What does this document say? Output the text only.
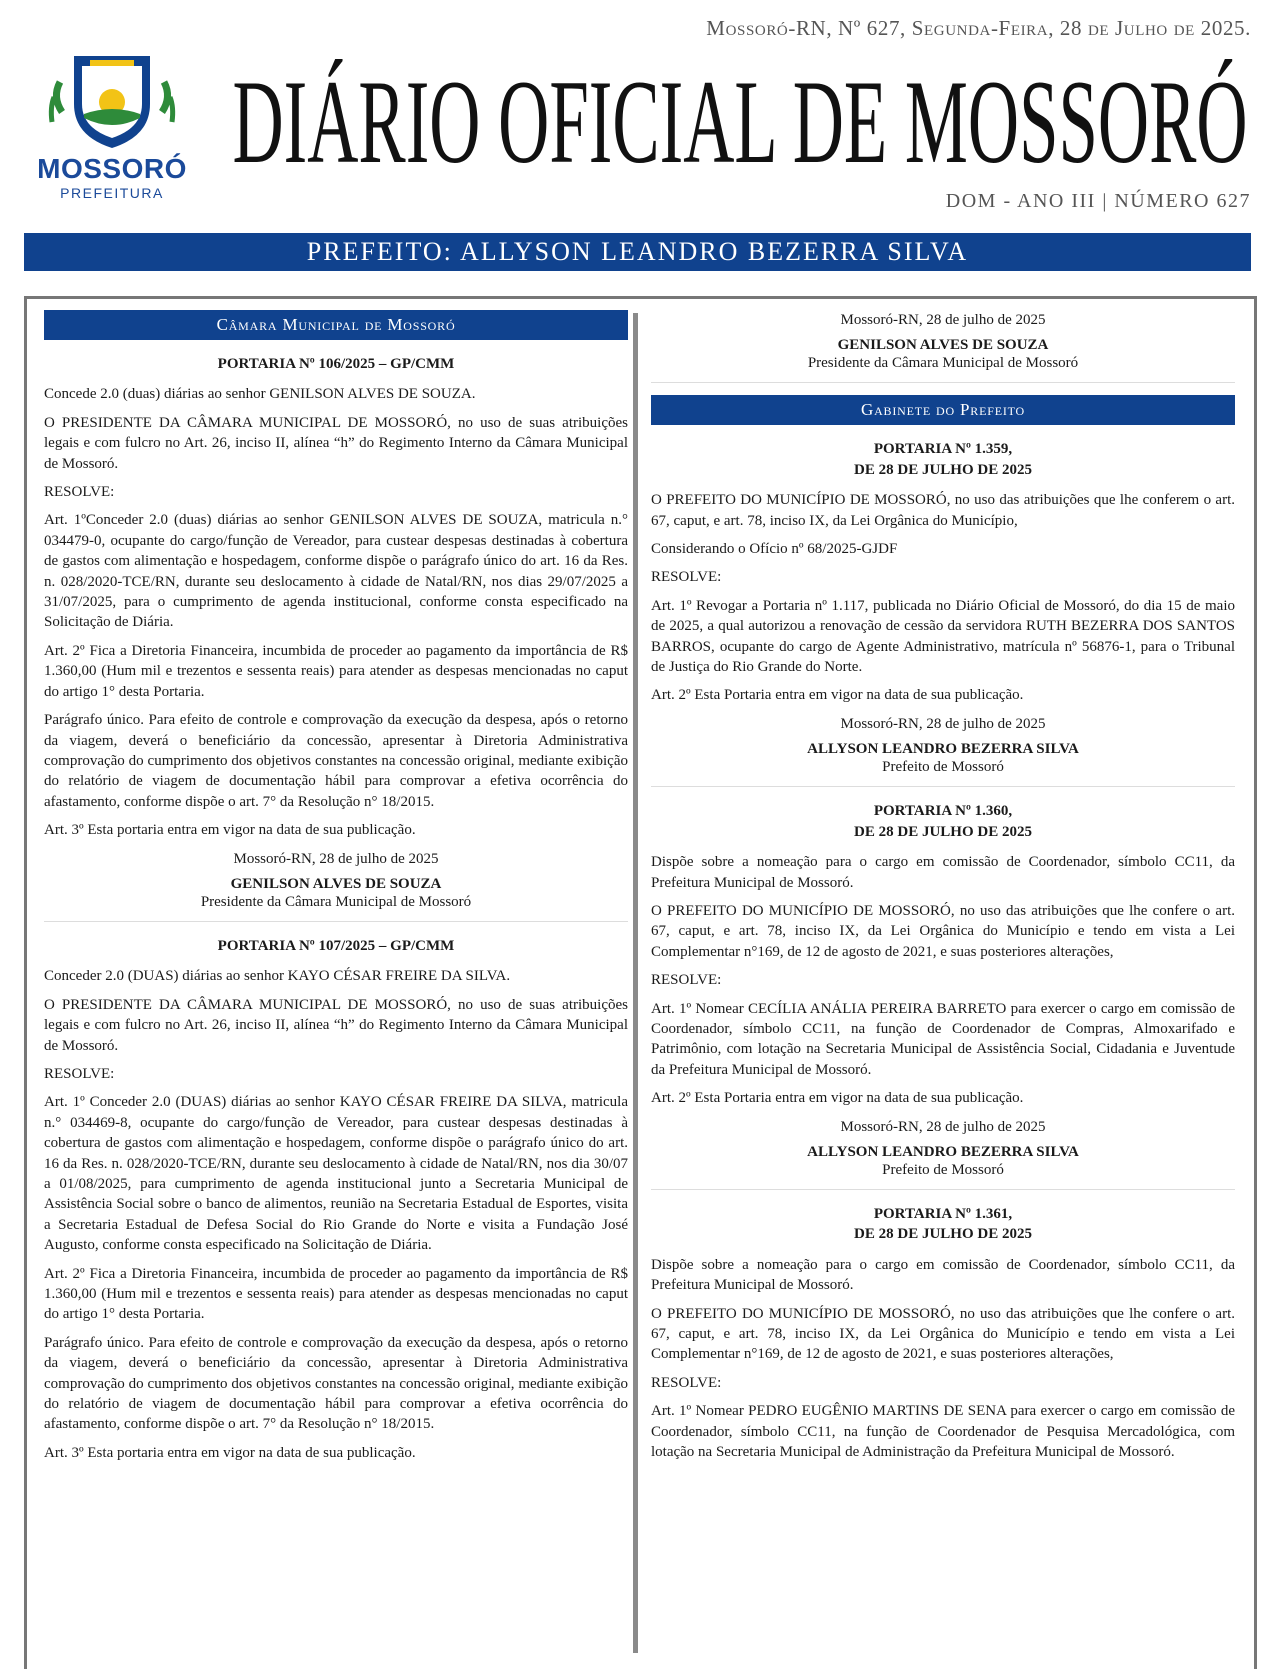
Mossoró-RN, Nº 627, Segunda-Feira, 28 de Julho de 2025.
MOSSORÓ
PREFEITURA
DIÁRIO OFICIAL DE MOSSORÓ
DOM - ANO III | NÚMERO 627
PREFEITO: ALLYSON LEANDRO BEZERRA SILVA
Câmara Municipal de Mossoró
PORTARIA Nº 106/2025 – GP/CMM

Concede 2.0 (duas) diárias ao senhor GENILSON ALVES DE SOUZA.

O PRESIDENTE DA CÂMARA MUNICIPAL DE MOSSORÓ, no uso de suas atribuições legais e com fulcro no Art. 26, inciso II, alínea “h” do Regimento Interno da Câmara Municipal de Mossoró.

RESOLVE:

Art. 1ºConceder 2.0 (duas) diárias ao senhor GENILSON ALVES DE SOUZA, matricula n.° 034479-0, ocupante do cargo/função de Vereador, para custear despesas destinadas à cobertura de gastos com alimentação e hospedagem, conforme dispõe o parágrafo único do art. 16 da Res. n. 028/2020-TCE/RN, durante seu deslocamento à cidade de Natal/RN, nos dias 29/07/2025 a 31/07/2025, para o cumprimento de agenda institucional, conforme consta especificado na Solicitação de Diária.

Art. 2º Fica a Diretoria Financeira, incumbida de proceder ao pagamento da importância de R$ 1.360,00 (Hum mil e trezentos e sessenta reais) para atender as despesas mencionadas no caput do artigo 1° desta Portaria.

Parágrafo único. Para efeito de controle e comprovação da execução da despesa, após o retorno da viagem, deverá o beneficiário da concessão, apresentar à Diretoria Administrativa comprovação do cumprimento dos objetivos constantes na concessão original, mediante exibição do relatório de viagem de documentação hábil para comprovar a efetiva ocorrência do afastamento, conforme dispõe o art. 7° da Resolução n° 18/2015.

Art. 3º Esta portaria entra em vigor na data de sua publicação.

Mossoró-RN, 28 de julho de 2025
GENILSON ALVES DE SOUZA
Presidente da Câmara Municipal de Mossoró
PORTARIA Nº 107/2025 – GP/CMM

Conceder 2.0 (DUAS) diárias ao senhor KAYO CÉSAR FREIRE DA SILVA.

O PRESIDENTE DA CÂMARA MUNICIPAL DE MOSSORÓ, no uso de suas atribuições legais e com fulcro no Art. 26, inciso II, alínea “h” do Regimento Interno da Câmara Municipal de Mossoró.

RESOLVE:

Art. 1º Conceder 2.0 (DUAS) diárias ao senhor KAYO CÉSAR FREIRE DA SILVA, matricula n.° 034469-8, ocupante do cargo/função de Vereador, para custear despesas destinadas à cobertura de gastos com alimentação e hospedagem, conforme dispõe o parágrafo único do art. 16 da Res. n. 028/2020-TCE/RN, durante seu deslocamento à cidade de Natal/RN, nos dia 30/07 a 01/08/2025, para cumprimento de agenda institucional junto a Secretaria Municipal de Assistência Social sobre o banco de alimentos, reunião na Secretaria Estadual de Esportes, visita a Secretaria Estadual de Defesa Social do Rio Grande do Norte e visita a Fundação José Augusto, conforme consta especificado na Solicitação de Diária.

Art. 2º Fica a Diretoria Financeira, incumbida de proceder ao pagamento da importância de R$ 1.360,00 (Hum mil e trezentos e sessenta reais) para atender as despesas mencionadas no caput do artigo 1° desta Portaria.

Parágrafo único. Para efeito de controle e comprovação da execução da despesa, após o retorno da viagem, deverá o beneficiário da concessão, apresentar à Diretoria Administrativa comprovação do cumprimento dos objetivos constantes na concessão original, mediante exibição do relatório de viagem de documentação hábil para comprovar a efetiva ocorrência do afastamento, conforme dispõe o art. 7° da Resolução n° 18/2015.

Art. 3º Esta portaria entra em vigor na data de sua publicação.

Mossoró-RN, 28 de julho de 2025
GENILSON ALVES DE SOUZA
Presidente da Câmara Municipal de Mossoró
Gabinete do Prefeito
PORTARIA Nº 1.359,
DE 28 DE JULHO DE 2025

O PREFEITO DO MUNICÍPIO DE MOSSORÓ, no uso das atribuições que lhe conferem o art. 67, caput, e art. 78, inciso IX, da Lei Orgânica do Município,

Considerando o Ofício nº 68/2025-GJDF

RESOLVE:

Art. 1º Revogar a Portaria nº 1.117, publicada no Diário Oficial de Mossoró, do dia 15 de maio de 2025, a qual autorizou a renovação de cessão da servidora RUTH BEZERRA DOS SANTOS BARROS, ocupante do cargo de Agente Administrativo, matrícula nº 56876-1, para o Tribunal de Justiça do Rio Grande do Norte.

Art. 2º Esta Portaria entra em vigor na data de sua publicação.

Mossoró-RN, 28 de julho de 2025
ALLYSON LEANDRO BEZERRA SILVA
Prefeito de Mossoró
PORTARIA Nº 1.360,
DE 28 DE JULHO DE 2025

Dispõe sobre a nomeação para o cargo em comissão de Coordenador, símbolo CC11, da Prefeitura Municipal de Mossoró.

O PREFEITO DO MUNICÍPIO DE MOSSORÓ, no uso das atribuições que lhe confere o art. 67, caput, e art. 78, inciso IX, da Lei Orgânica do Município e tendo em vista a Lei Complementar n°169, de 12 de agosto de 2021, e suas posteriores alterações,

RESOLVE:

Art. 1º Nomear CECÍLIA ANÁLIA PEREIRA BARRETO para exercer o cargo em comissão de Coordenador, símbolo CC11, na função de Coordenador de Compras, Almoxarifado e Patrimônio, com lotação na Secretaria Municipal de Assistência Social, Cidadania e Juventude da Prefeitura Municipal de Mossoró.

Art. 2º Esta Portaria entra em vigor na data de sua publicação.

Mossoró-RN, 28 de julho de 2025
ALLYSON LEANDRO BEZERRA SILVA
Prefeito de Mossoró
PORTARIA Nº 1.361,
DE 28 DE JULHO DE 2025

Dispõe sobre a nomeação para o cargo em comissão de Coordenador, símbolo CC11, da Prefeitura Municipal de Mossoró.

O PREFEITO DO MUNICÍPIO DE MOSSORÓ, no uso das atribuições que lhe confere o art. 67, caput, e art. 78, inciso IX, da Lei Orgânica do Município e tendo em vista a Lei Complementar n°169, de 12 de agosto de 2021, e suas posteriores alterações,

RESOLVE:

Art. 1º Nomear PEDRO EUGÊNIO MARTINS DE SENA para exercer o cargo em comissão de Coordenador, símbolo CC11, na função de Coordenador de Pesquisa Mercadológica, com lotação na Secretaria Municipal de Administração da Prefeitura Municipal de Mossoró.
